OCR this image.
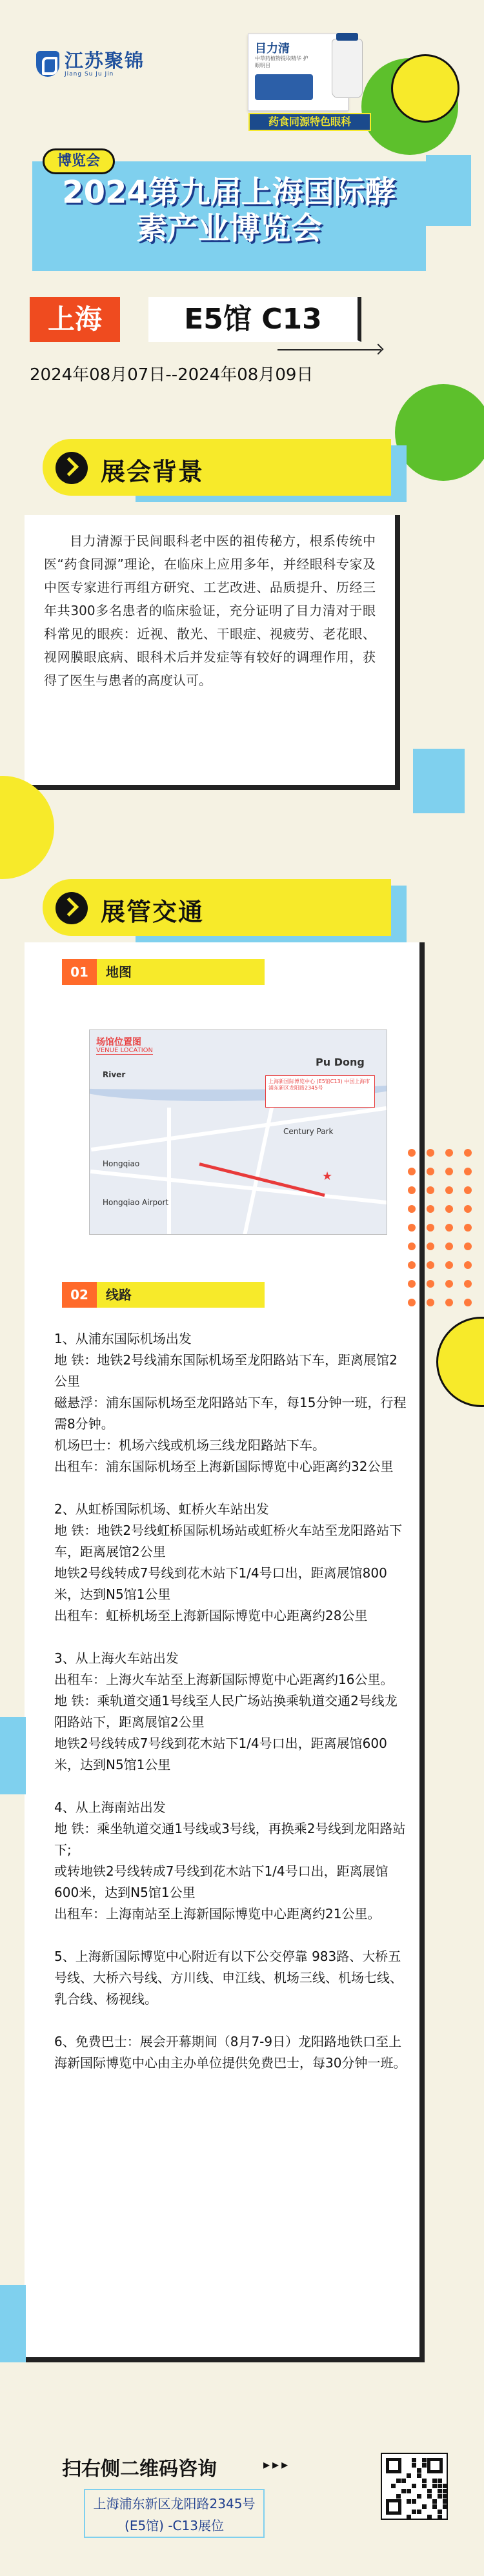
江苏聚锦
Jiang Su Ju Jin
目力清
中草药植物提取精华 护眼明目
药食同源特色眼科
博览会
2024第九届上海国际酵
素产业博览会
上海	E5馆 C13
2024年08月07日--2024年08月09日
展会背景

目力清源于民间眼科老中医的祖传秘方，根系传统中医“药食同源”理论，在临床上应用多年，并经眼科专家及中医专家进行再组方研究、工艺改进、品质提升、历经三年共300多名患者的临床验证，充分证明了目力清对于眼科常见的眼疾：近视、散光、干眼症、视疲劳、老花眼、视网膜眼底病、眼科术后并发症等有较好的调理作用，获得了医生与患者的高度认可。

展管交通
01	地图
场馆位置图
VENUE LOCATION
River
Pu Dong
Century Park
Hongqiao
Hongqiao Airport
上海新国际博览中心 (E5馆C13) 中国上海市浦东新区龙阳路2345号
★
02	线路

1、从浦东国际机场出发

地 铁：地铁2号线浦东国际机场至龙阳路站下车，距离展馆2公里

磁悬浮：浦东国际机场至龙阳路站下车，每15分钟一班，行程需8分钟。

机场巴士：机场六线或机场三线龙阳路站下车。

出租车：浦东国际机场至上海新国际博览中心距离约32公里

2、从虹桥国际机场、虹桥火车站出发

地 铁：地铁2号线虹桥国际机场站或虹桥火车站至龙阳路站下车，距离展馆2公里

地铁2号线转成7号线到花木站下1/4号口出，距离展馆800米，达到N5馆1公里

出租车：虹桥机场至上海新国际博览中心距离约28公里

3、从上海火车站出发

出租车：上海火车站至上海新国际博览中心距离约16公里。

地 铁：乘轨道交通1号线至人民广场站换乘轨道交通2号线龙阳路站下，距离展馆2公里

地铁2号线转成7号线到花木站下1/4号口出，距离展馆600米，达到N5馆1公里

4、从上海南站出发

地 铁：乘坐轨道交通1号线或3号线，再换乘2号线到龙阳路站下;

或转地铁2号线转成7号线到花木站下1/4号口出，距离展馆600米，达到N5馆1公里

出租车：上海南站至上海新国际博览中心距离约21公里。

5、上海新国际博览中心附近有以下公交停靠 983路、大桥五号线、大桥六号线、方川线、申江线、机场三线、机场七线、乳合线、杨视线。

6、免费巴士：展会开幕期间（8月7-9日）龙阳路地铁口至上海新国际博览中心由主办单位提供免费巴士，每30分钟一班。

扫右侧二维码咨询	▸▸▸
上海浦东新区龙阳路2345号
(E5馆) -C13展位
